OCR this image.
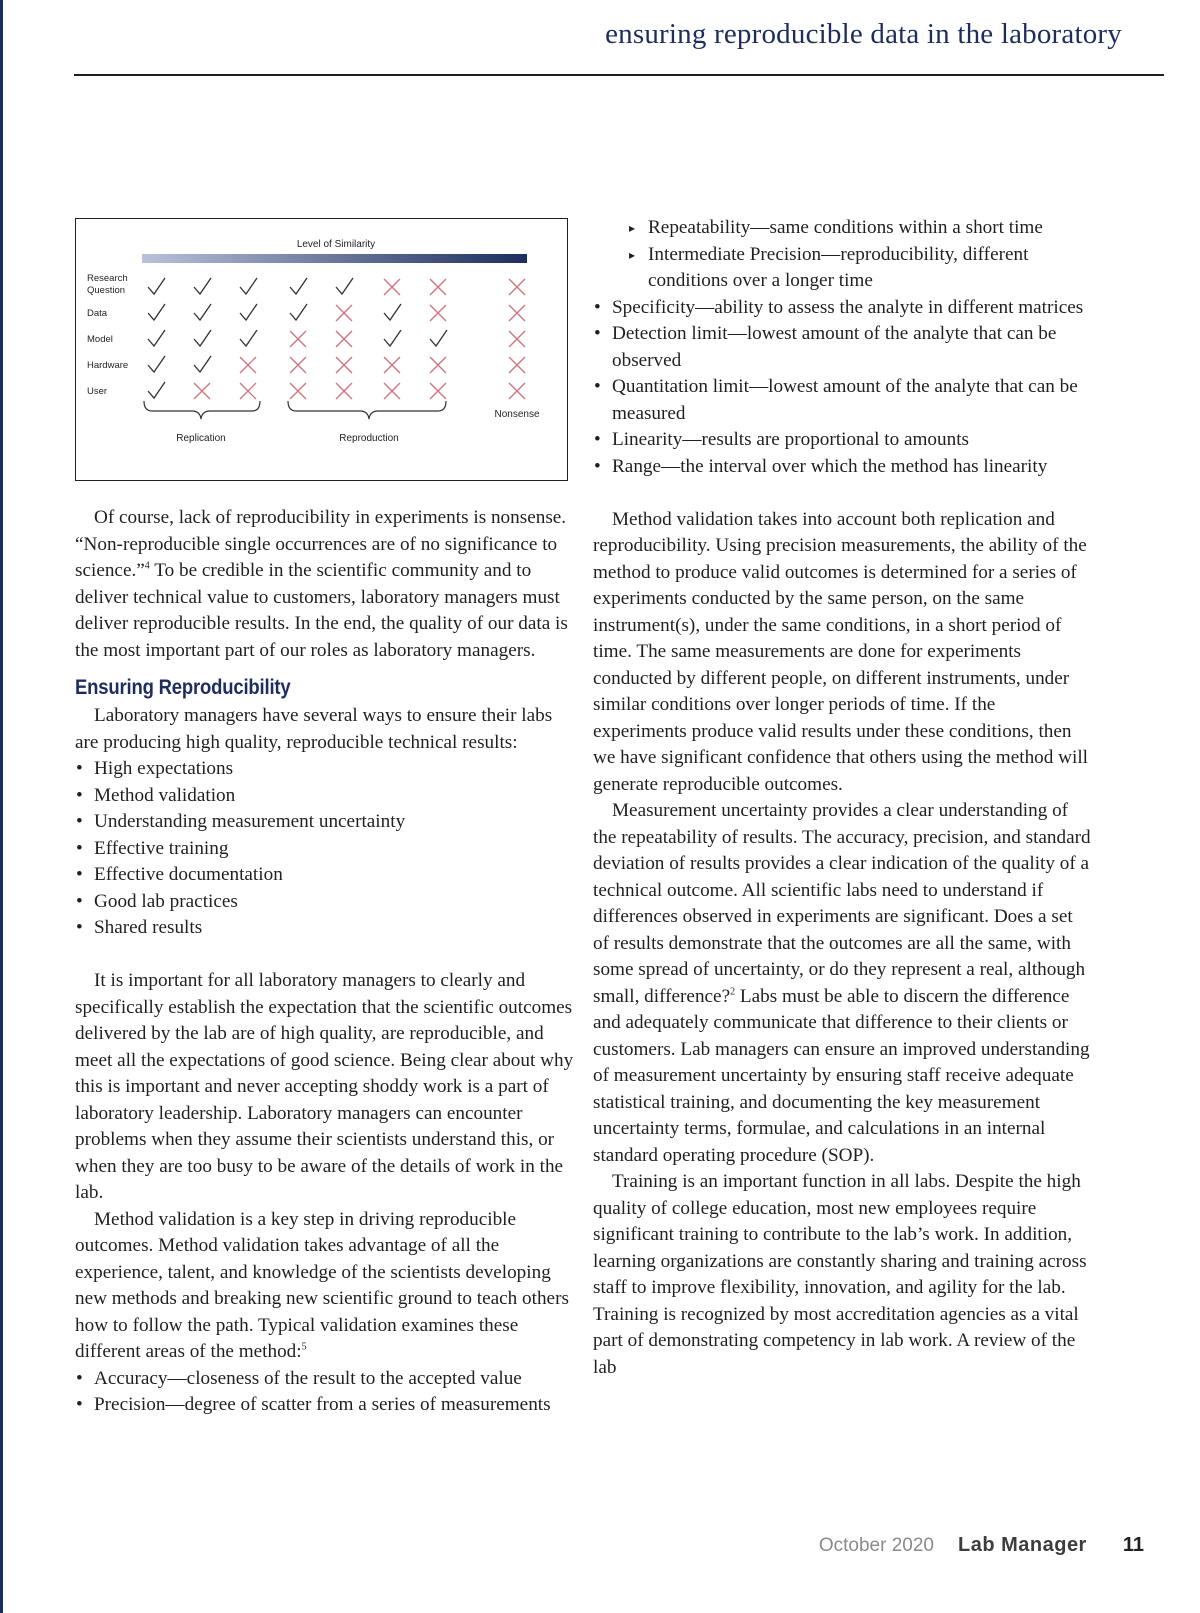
ensuring reproducible data in the laboratory
Level of Similarity
Research Question
Data
Model
Hardware
User
Replication	Reproduction
Nonsense

Of course, lack of reproducibility in experiments is nonsense. “Non-reproducible single occurrences are of no significance to science.”$^4$ To be credible in the scientific community and to deliver technical value to customers, laboratory managers must deliver reproducible results. In the end, the quality of our data is the most important part of our roles as laboratory managers.

Ensuring Reproducibility

Laboratory managers have several ways to ensure their labs are producing high quality, reproducible technical results:

• High expectations
• Method validation
• Understanding measurement uncertainty
• Effective training
• Effective documentation
• Good lab practices
• Shared results

It is important for all laboratory managers to clearly and specifically establish the expectation that the scientific outcomes delivered by the lab are of high quality, are reproducible, and meet all the expectations of good science. Being clear about why this is important and never accepting shoddy work is a part of laboratory leadership. Laboratory managers can encounter problems when they assume their scientists understand this, or when they are too busy to be aware of the details of work in the lab.

Method validation is a key step in driving reproducible outcomes. Method validation takes advantage of all the experience, talent, and knowledge of the scientists developing new methods and breaking new scientific ground to teach others how to follow the path. Typical validation examines these different areas of the method:$^5$

• Accuracy—closeness of the result to the accepted value
• Precision—degree of scatter from a series of measurements
▸ Repeatability—same conditions within a short time
▸ Intermediate Precision—reproducibility, different conditions over a longer time
• Specificity—ability to assess the analyte in different matrices
• Detection limit—lowest amount of the analyte that can be observed
• Quantitation limit—lowest amount of the analyte that can be measured
• Linearity—results are proportional to amounts
• Range—the interval over which the method has linearity

Method validation takes into account both replication and reproducibility. Using precision measurements, the ability of the method to produce valid outcomes is determined for a series of experiments conducted by the same person, on the same instrument(s), under the same conditions, in a short period of time. The same measurements are done for experiments conducted by different people, on different instruments, under similar conditions over longer periods of time. If the experiments produce valid results under these conditions, then we have significant confidence that others using the method will generate reproducible outcomes.

Measurement uncertainty provides a clear understanding of the repeatability of results. The accuracy, precision, and standard deviation of results provides a clear indication of the quality of a technical outcome. All scientific labs need to understand if differences observed in experiments are significant. Does a set of results demonstrate that the outcomes are all the same, with some spread of uncertainty, or do they represent a real, although small, difference?$^2$ Labs must be able to discern the difference and adequately communicate that difference to their clients or customers. Lab managers can ensure an improved understanding of measurement uncertainty by ensuring staff receive adequate statistical training, and documenting the key measurement uncertainty terms, formulae, and calculations in an internal standard operating procedure (SOP).

Training is an important function in all labs. Despite the high quality of college education, most new employees require significant training to contribute to the lab’s work. In addition, learning organizations are constantly sharing and training across staff to improve flexibility, innovation, and agility for the lab. Training is recognized by most accreditation agencies as a vital part of demonstrating competency in lab work. A review of the lab

October 2020 Lab Manager 11
